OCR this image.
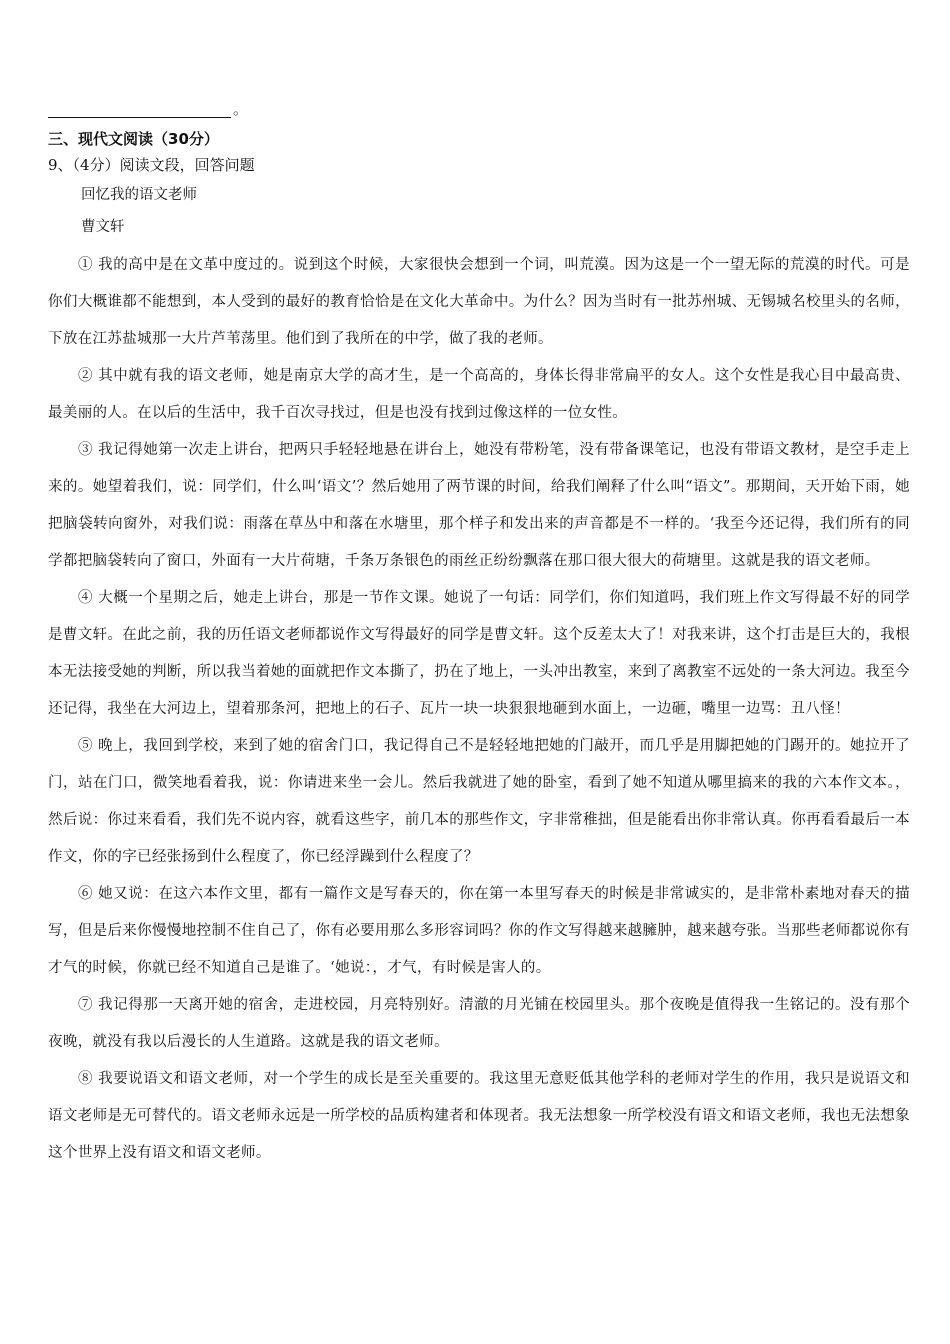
。

三、现代文阅读（30分）

9、（4分）阅读文段，回答问题

回忆我的语文老师

曹文轩

① 我的高中是在文革中度过的。说到这个时候，大家很快会想到一个词，叫荒漠。因为这是一个一望无际的荒漠的时代。可是你们大概谁都不能想到，本人受到的最好的教育恰恰是在文化大革命中。为什么？因为当时有一批苏州城、无锡城名校里头的名师，下放在江苏盐城那一大片芦苇荡里。他们到了我所在的中学，做了我的老师。

② 其中就有我的语文老师，她是南京大学的高才生，是一个高高的，身体长得非常扁平的女人。这个女性是我心目中最高贵、最美丽的人。在以后的生活中，我千百次寻找过，但是也没有找到过像这样的一位女性。

③ 我记得她第一次走上讲台，把两只手轻轻地悬在讲台上，她没有带粉笔，没有带备课笔记，也没有带语文教材，是空手走上来的。她望着我们，说：同学们，什么叫‘语文’？然后她用了两节课的时间，给我们阐释了什么叫“语文”。那期间，天开始下雨，她把脑袋转向窗外，对我们说：雨落在草丛中和落在水塘里，那个样子和发出来的声音都是不一样的。‘我至今还记得，我们所有的同学都把脑袋转向了窗口，外面有一大片荷塘，千条万条银色的雨丝正纷纷飘落在那口很大很大的荷塘里。这就是我的语文老师。

④ 大概一个星期之后，她走上讲台，那是一节作文课。她说了一句话：同学们，你们知道吗，我们班上作文写得最不好的同学是曹文轩。在此之前，我的历任语文老师都说作文写得最好的同学是曹文轩。这个反差太大了！对我来讲，这个打击是巨大的，我根本无法接受她的判断，所以我当着她的面就把作文本撕了，扔在了地上，一头冲出教室，来到了离教室不远处的一条大河边。我至今还记得，我坐在大河边上，望着那条河，把地上的石子、瓦片一块一块狠狠地砸到水面上，一边砸，嘴里一边骂：丑八怪！

⑤ 晚上，我回到学校，来到了她的宿舍门口，我记得自己不是轻轻地把她的门敲开，而几乎是用脚把她的门踢开的。她拉开了门，站在门口，微笑地看着我，说：你请进来坐一会儿。然后我就进了她的卧室，看到了她不知道从哪里搞来的我的六本作文本。，然后说：你过来看看，我们先不说内容，就看这些字，前几本的那些作文，字非常稚拙，但是能看出你非常认真。你再看看最后一本作文，你的字已经张扬到什么程度了，你已经浮躁到什么程度了？

⑥ 她又说：在这六本作文里，都有一篇作文是写春天的，你在第一本里写春天的时候是非常诚实的，是非常朴素地对春天的描写，但是后来你慢慢地控制不住自己了，你有必要用那么多形容词吗？你的作文写得越来越臃肿，越来越夸张。当那些老师都说你有才气的时候，你就已经不知道自己是谁了。‘她说：，才气，有时候是害人的。

⑦ 我记得那一天离开她的宿舍，走进校园，月亮特别好。清澈的月光铺在校园里头。那个夜晚是值得我一生铭记的。没有那个夜晚，就没有我以后漫长的人生道路。这就是我的语文老师。

⑧ 我要说语文和语文老师，对一个学生的成长是至关重要的。我这里无意贬低其他学科的老师对学生的作用，我只是说语文和语文老师是无可替代的。语文老师永远是一所学校的品质构建者和体现者。我无法想象一所学校没有语文和语文老师，我也无法想象这个世界上没有语文和语文老师。
